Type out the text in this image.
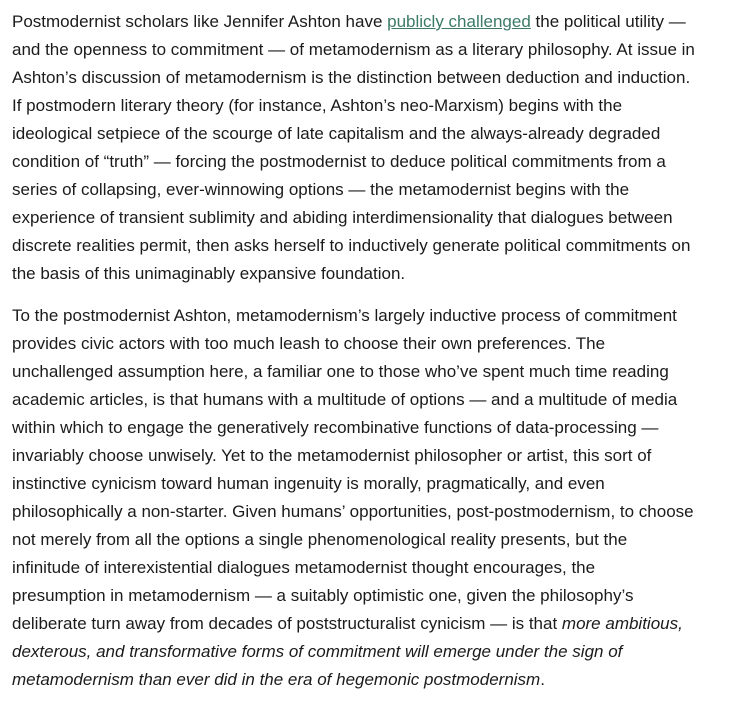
Postmodernist scholars like Jennifer Ashton have publicly challenged the political utility —
and the openness to commitment — of metamodernism as a literary philosophy. At issue in
Ashton’s discussion of metamodernism is the distinction between deduction and induction.
If postmodern literary theory (for instance, Ashton’s neo-Marxism) begins with the
ideological setpiece of the scourge of late capitalism and the always-already degraded
condition of “truth” — forcing the postmodernist to deduce political commitments from a
series of collapsing, ever-winnowing options — the metamodernist begins with the
experience of transient sublimity and abiding interdimensionality that dialogues between
discrete realities permit, then asks herself to inductively generate political commitments on
the basis of this unimaginably expansive foundation.
To the postmodernist Ashton, metamodernism’s largely inductive process of commitment
provides civic actors with too much leash to choose their own preferences. The
unchallenged assumption here, a familiar one to those who’ve spent much time reading
academic articles, is that humans with a multitude of options — and a multitude of media
within which to engage the generatively recombinative functions of data-processing —
invariably choose unwisely. Yet to the metamodernist philosopher or artist, this sort of
instinctive cynicism toward human ingenuity is morally, pragmatically, and even
philosophically a non-starter. Given humans’ opportunities, post-postmodernism, to choose
not merely from all the options a single phenomenological reality presents, but the
infinitude of interexistential dialogues metamodernist thought encourages, the
presumption in metamodernism — a suitably optimistic one, given the philosophy’s
deliberate turn away from decades of poststructuralist cynicism — is that more ambitious,
dexterous, and transformative forms of commitment will emerge under the sign of
metamodernism than ever did in the era of hegemonic postmodernism.
